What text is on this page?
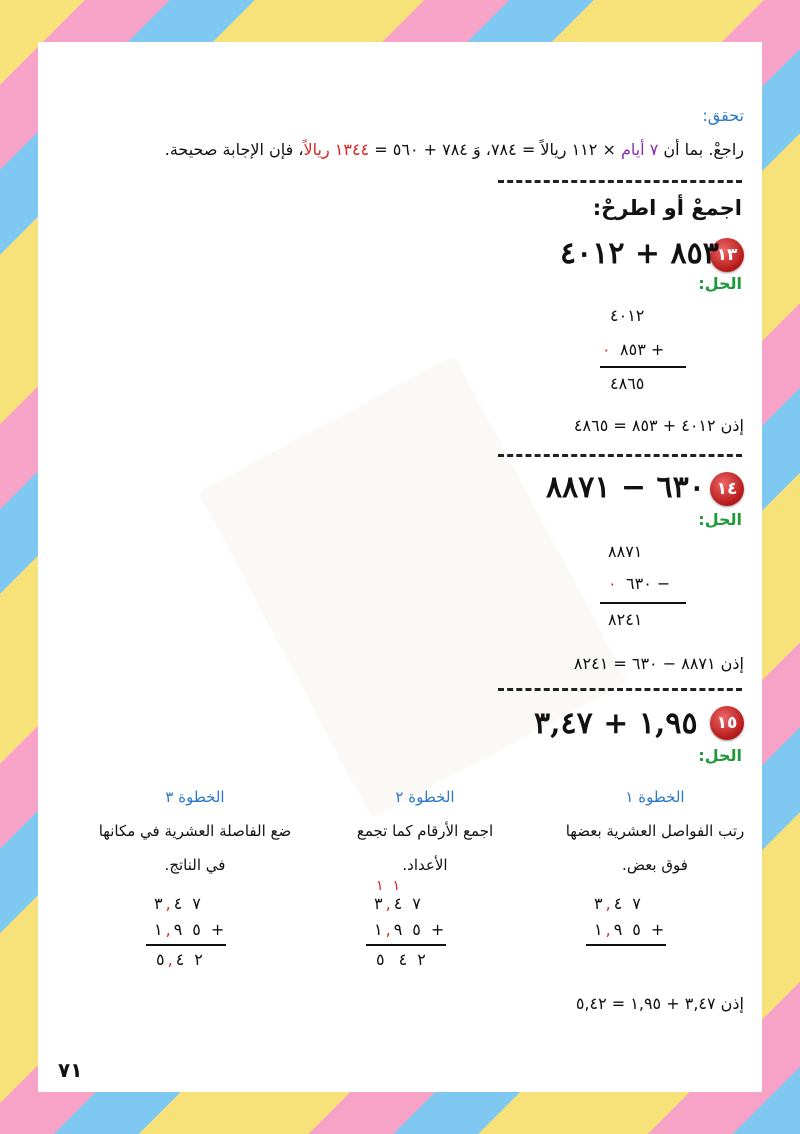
تحقق:
راجعْ. بما أن ٧ أيام × ١١٢ ريالاً = ٧٨٤، وَ ٧٨٤ + ٥٦٠ = ١٣٤٤ ريالاً، فإن الإجابة صحيحة.
اجمعْ أو اطرحْ:
١٣
٨٥٣ + ٤٠١٢
الحل:
٤٠١٢
٠ ٨٥٣ +
٤٨٦٥
إذن ٤٠١٢ + ٨٥٣ = ٤٨٦٥
١٤
٦٣٠ − ٨٨٧١
الحل:
٨٨٧١
٠ ٦٣٠ −
٨٢٤١
إذن ٨٨٧١ − ٦٣٠ = ٨٢٤١
١٥
١,٩٥ + ٣,٤٧
الحل:
الخطوة ١
رتب الفواصل العشرية بعضها
فوق بعض.
الخطوة ٢
اجمع الأرقام كما تجمع
الأعداد.
الخطوة ٣
ضع الفاصلة العشرية في مكانها
في الناتج.
٣ , ٤ ٧
١ , ٩ ٥ +
١  ١
٣ , ٤ ٧
١ , ٩ ٥ +
٥ ٤ ٢
٣ , ٤ ٧
١ , ٩ ٥ +
٥ , ٤ ٢
إذن ٣,٤٧ + ١,٩٥ = ٥,٤٢
٧١
